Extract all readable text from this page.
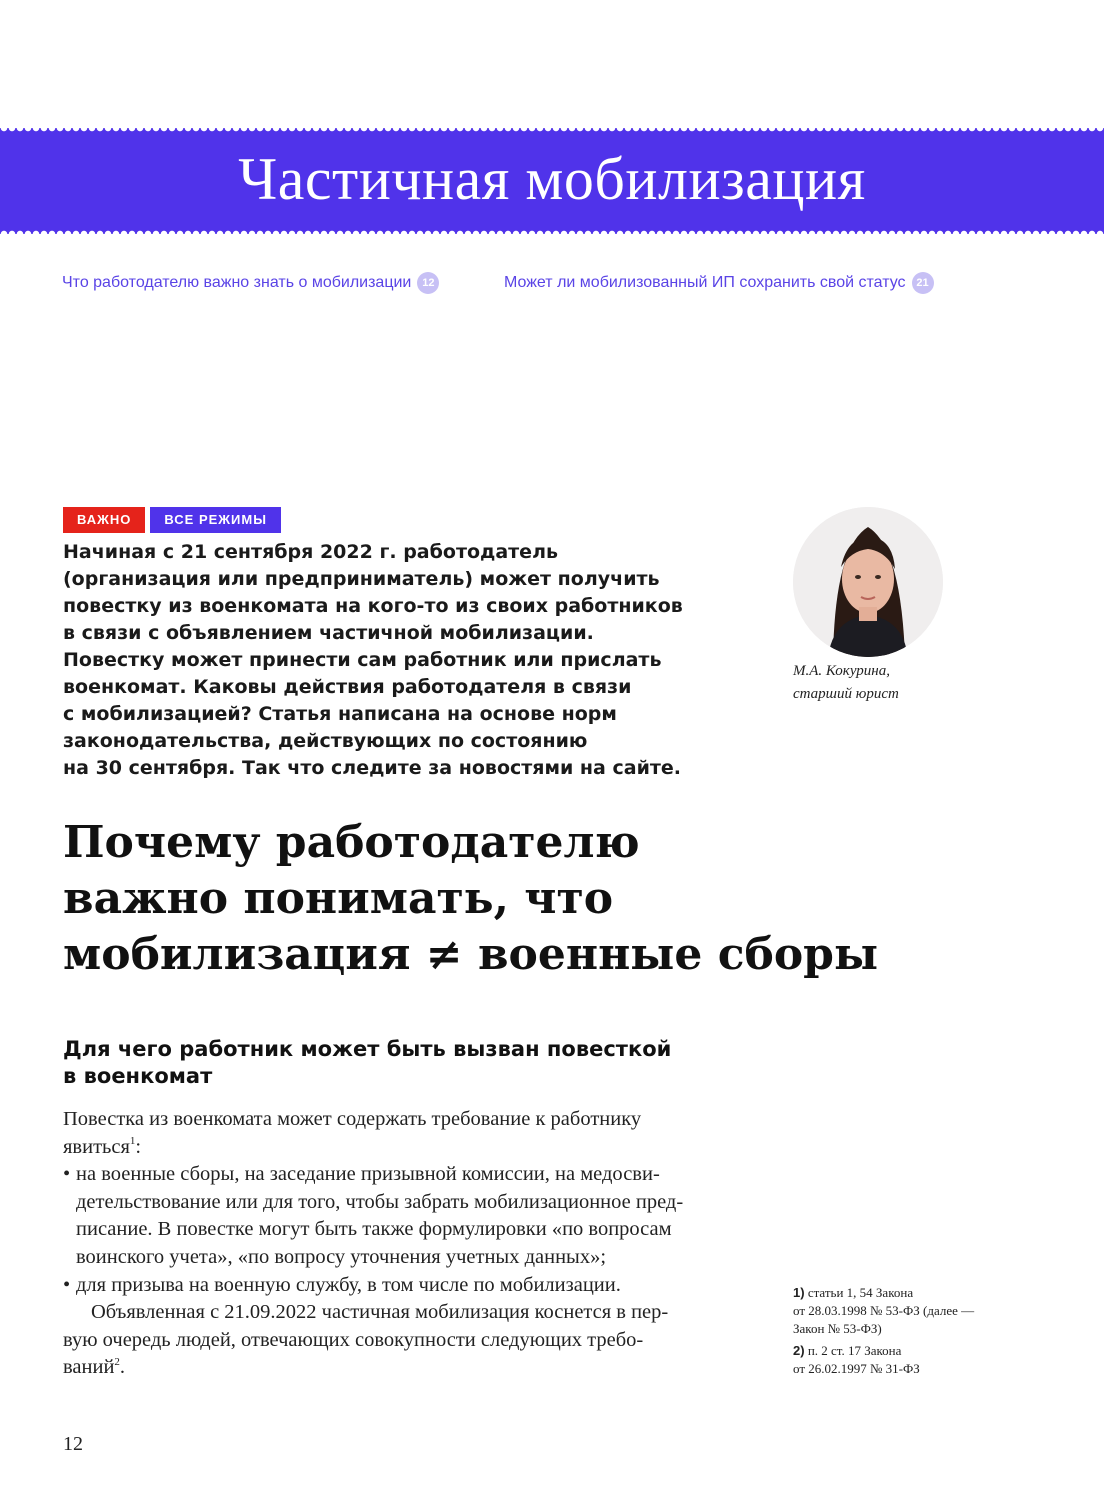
Частичная мобилизация
Что работодателю важно знать о мобилизации 12	Может ли мобилизованный ИП сохранить свой статус 21
ВАЖНО	ВСЕ РЕЖИМЫ
Начиная с 21 сентября 2022 г. работодатель
(организация или предприниматель) может получить
повестку из военкомата на кого-то из своих работников
в связи с объявлением частичной мобилизации.
Повестку может принести сам работник или прислать
военкомат. Каковы действия работодателя в связи
с мобилизацией? Статья написана на основе норм
законодательства, действующих по состоянию
на 30 сентября. Так что следите за новостями на сайте.
М.А. Кокурина,
старший юрист
Почему работодателю
важно понимать, что
мобилизация ≠ военные сборы
Для чего работник может быть вызван повесткой
в военкомат
Повестка из военкомата может содержать требование к работнику
явиться$^1$:
• на военные сборы, на заседание призывной комиссии, на медосви-
детельствование или для того, чтобы забрать мобилизационное пред-
писание. В повестке могут быть также формулировки «по вопросам
воинского учета», «по вопросу уточнения учетных данных»;
• для призыва на военную службу, в том числе по мобилизации.
Объявленная с 21.09.2022 частичная мобилизация коснется в пер-
вую очередь людей, отвечающих совокупности следующих требо-
ваний$^2$.
1) статьи 1, 54 Закона
от 28.03.1998 № 53-ФЗ (далее —
Закон № 53-ФЗ)
2) п. 2 ст. 17 Закона
от 26.02.1997 № 31-ФЗ
12
